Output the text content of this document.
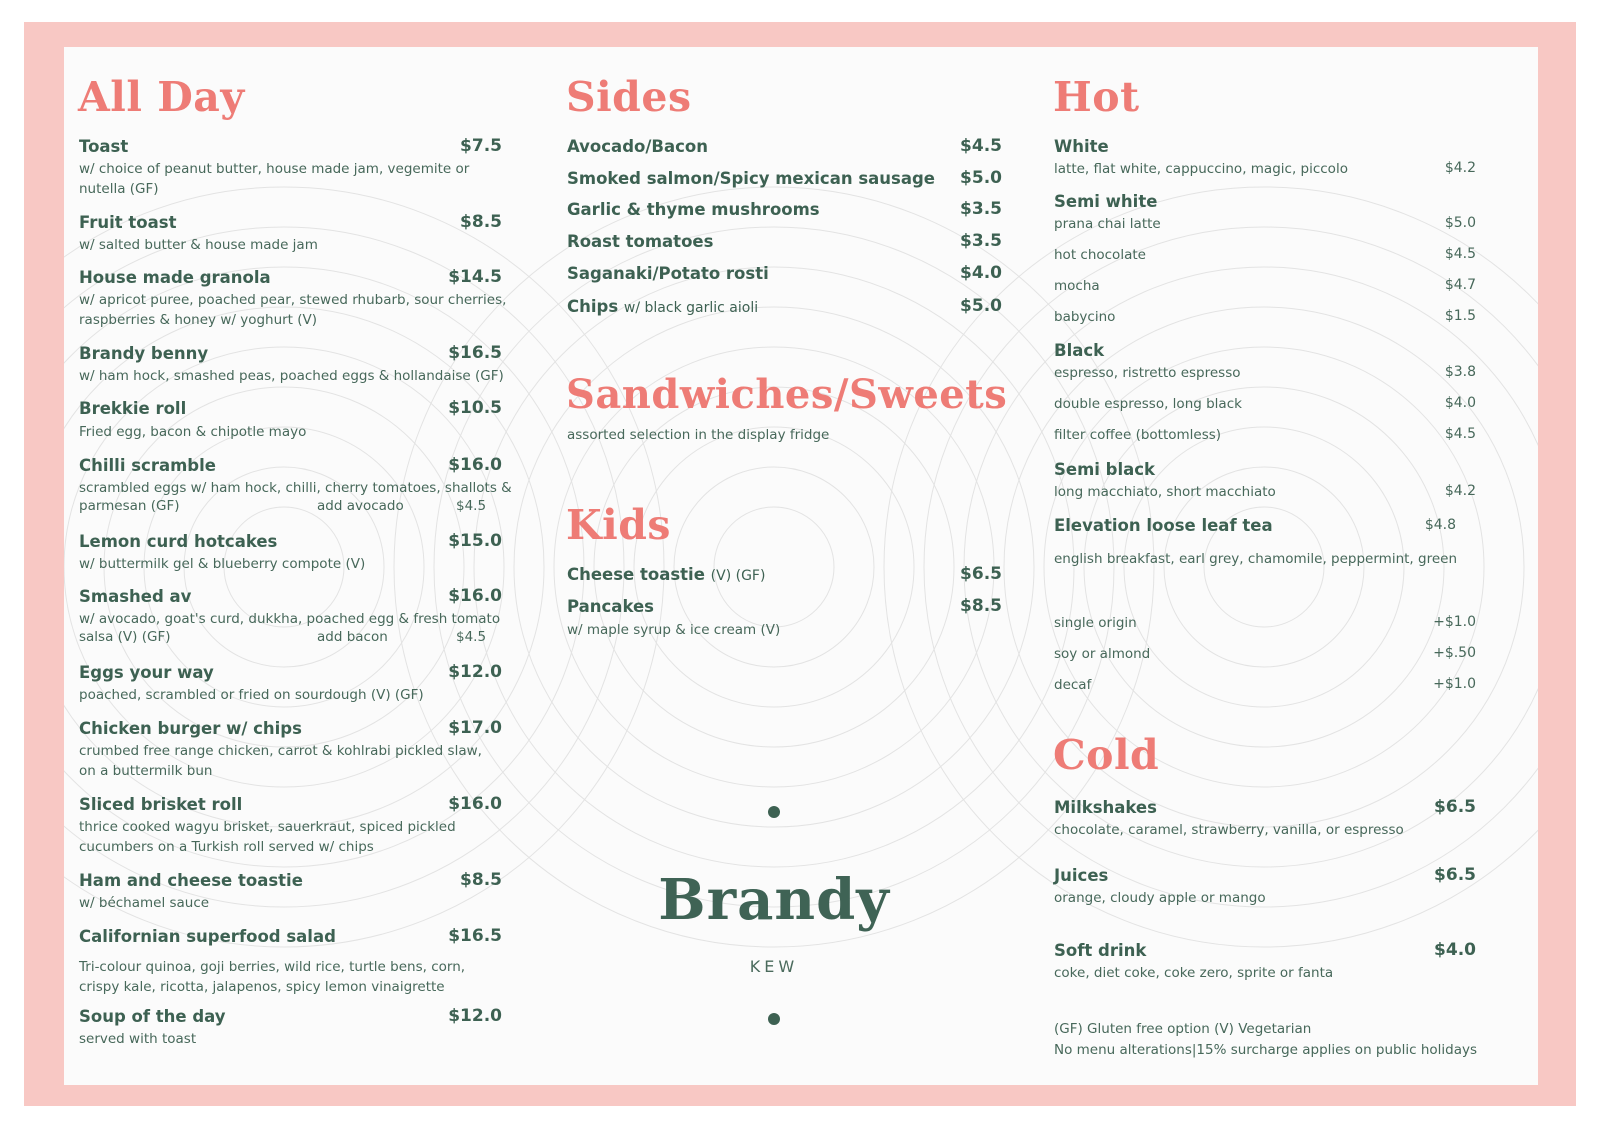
All Day
Toast	$7.5
w/ choice of peanut butter, house made jam, vegemite or nutella (GF)
Fruit toast	$8.5
w/ salted butter & house made jam
House made granola	$14.5
w/ apricot puree, poached pear, stewed rhubarb, sour cherries, raspberries & honey w/ yoghurt (V)
Brandy benny	$16.5
w/ ham hock, smashed peas, poached eggs & hollandaise (GF)
Brekkie roll	$10.5
Fried egg, bacon & chipotle mayo
Chilli scramble	$16.0
scrambled eggs w/ ham hock, chilli, cherry tomatoes, shallots &
parmesan (GF)	add avocado	$4.5
Lemon curd hotcakes	$15.0
w/ buttermilk gel & blueberry compote (V)
Smashed av	$16.0
w/ avocado, goat's curd, dukkha, poached egg & fresh tomato
salsa (V) (GF)	add bacon	$4.5
Eggs your way	$12.0
poached, scrambled or fried on sourdough (V) (GF)
Chicken burger w/ chips	$17.0
crumbed free range chicken, carrot & kohlrabi pickled slaw, on a buttermilk bun
Sliced brisket roll	$16.0
thrice cooked wagyu brisket, sauerkraut, spiced pickled cucumbers on a Turkish roll served w/ chips
Ham and cheese toastie	$8.5
w/ béchamel sauce
Californian superfood salad	$16.5
Tri-colour quinoa, goji berries, wild rice, turtle bens, corn, crispy kale, ricotta, jalapenos, spicy lemon vinaigrette
Soup of the day	$12.0
served with toast
Sides
Avocado/Bacon	$4.5
Smoked salmon/Spicy mexican sausage	$5.0
Garlic & thyme mushrooms	$3.5
Roast tomatoes	$3.5
Saganaki/Potato rosti	$4.0
Chips w/ black garlic aioli	$5.0
Sandwiches/Sweets
assorted selection in the display fridge
Kids
Cheese toastie (V) (GF)	$6.5
Pancakes	$8.5
w/ maple syrup & ice cream (V)
Brandy
KEW
Hot
White
latte, flat white, cappuccino, magic, piccolo	$4.2
Semi white
prana chai latte	$5.0
hot chocolate	$4.5
mocha	$4.7
babycino	$1.5
Black
espresso, ristretto espresso	$3.8
double espresso, long black	$4.0
filter coffee (bottomless)	$4.5
Semi black
long macchiato, short macchiato	$4.2
Elevation loose leaf tea	$4.8
english breakfast, earl grey, chamomile, peppermint, green
single origin	+$1.0
soy or almond	+$.50
decaf	+$1.0
Cold
Milkshakes	$6.5
chocolate, caramel, strawberry, vanilla, or espresso
Juices	$6.5
orange, cloudy apple or mango
Soft drink	$4.0
coke, diet coke, coke zero, sprite or fanta
(GF) Gluten free option (V) Vegetarian
No menu alterations|15% surcharge applies on public holidays
